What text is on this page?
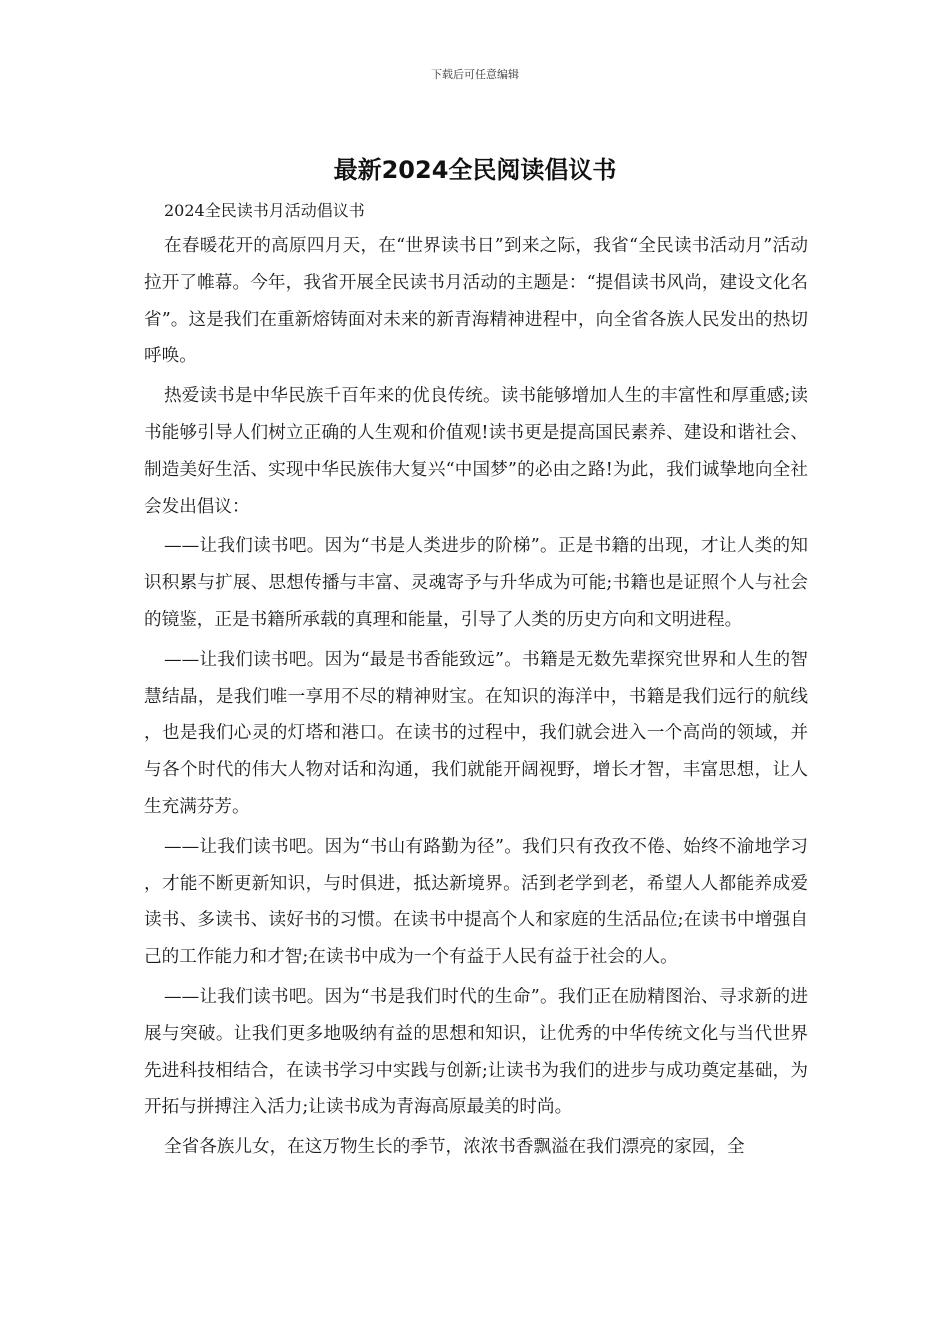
下载后可任意编辑
最新2024全民阅读倡议书

2024全民读书月活动倡议书

在春暖花开的高原四月天，在“世界读书日”到来之际，我省“全民读书活动月”活动拉开了帷幕。今年，我省开展全民读书月活动的主题是：“提倡读书风尚，建设文化名省”。这是我们在重新熔铸面对未来的新青海精神进程中，向全省各族人民发出的热切呼唤。

热爱读书是中华民族千百年来的优良传统。读书能够增加人生的丰富性和厚重感;读书能够引导人们树立正确的人生观和价值观!读书更是提高国民素养、建设和谐社会、制造美好生活、实现中华民族伟大复兴“中国梦”的必由之路!为此，我们诚挚地向全社会发出倡议：

——让我们读书吧。因为“书是人类进步的阶梯”。正是书籍的出现，才让人类的知识积累与扩展、思想传播与丰富、灵魂寄予与升华成为可能;书籍也是证照个人与社会的镜鉴，正是书籍所承载的真理和能量，引导了人类的历史方向和文明进程。

——让我们读书吧。因为“最是书香能致远”。书籍是无数先辈探究世界和人生的智慧结晶，是我们唯一享用不尽的精神财宝。在知识的海洋中，书籍是我们远行的航线，也是我们心灵的灯塔和港口。在读书的过程中，我们就会进入一个高尚的领域，并与各个时代的伟大人物对话和沟通，我们就能开阔视野，增长才智，丰富思想，让人生充满芬芳。

——让我们读书吧。因为“书山有路勤为径”。我们只有孜孜不倦、始终不渝地学习，才能不断更新知识，与时俱进，抵达新境界。活到老学到老，希望人人都能养成爱读书、多读书、读好书的习惯。在读书中提高个人和家庭的生活品位;在读书中增强自己的工作能力和才智;在读书中成为一个有益于人民有益于社会的人。

——让我们读书吧。因为“书是我们时代的生命”。我们正在励精图治、寻求新的进展与突破。让我们更多地吸纳有益的思想和知识，让优秀的中华传统文化与当代世界先进科技相结合，在读书学习中实践与创新;让读书为我们的进步与成功奠定基础，为开拓与拼搏注入活力;让读书成为青海高原最美的时尚。

全省各族儿女，在这万物生长的季节，浓浓书香飘溢在我们漂亮的家园，全
